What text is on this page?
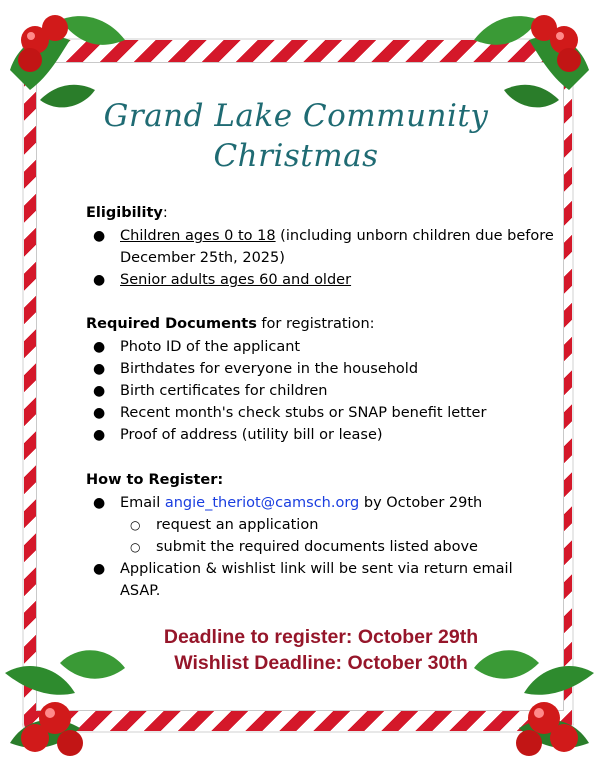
Grand Lake Community
Christmas
Eligibility:
● Children ages 0 to 18 (including unborn children due before December 25th, 2025)
● Senior adults ages 60 and older
Required Documents for registration:
● Photo ID of the applicant
● Birthdates for everyone in the household
● Birth certificates for children
● Recent month's check stubs or SNAP benefit letter
● Proof of address (utility bill or lease)
How to Register:
● Email angie_theriot@camsch.org by October 29th
○ request an application
○ submit the required documents listed above
● Application & wishlist link will be sent via return email ASAP.
Deadline to register: October 29th
Wishlist Deadline: October 30th
